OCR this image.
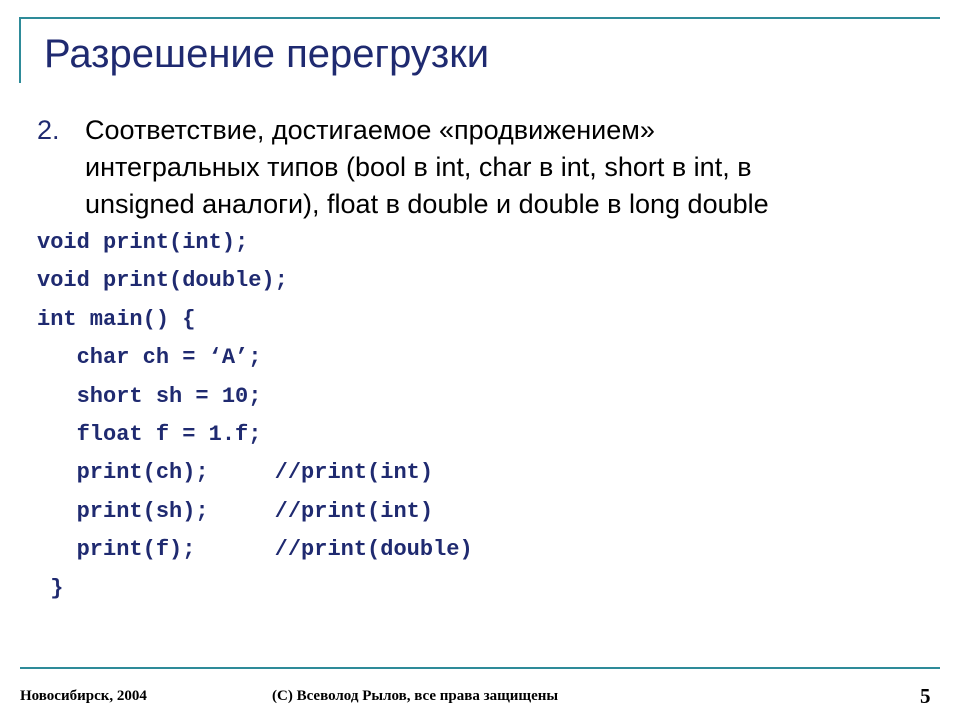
Разрешение перегрузки
2. Соответствие, достигаемое «продвижением»
интегральных типов (bool в int, char в int, short в int, в
unsigned аналоги), float в double и double в long double
void print(int);
void print(double);
int main() {
char ch = ‘A’;
short sh = 10;
float f = 1.f;
print(ch);     //print(int)
print(sh);     //print(int)
print(f);      //print(double)
}
Новосибирск, 2004	(C) Всеволод Рылов, все права защищены	5
